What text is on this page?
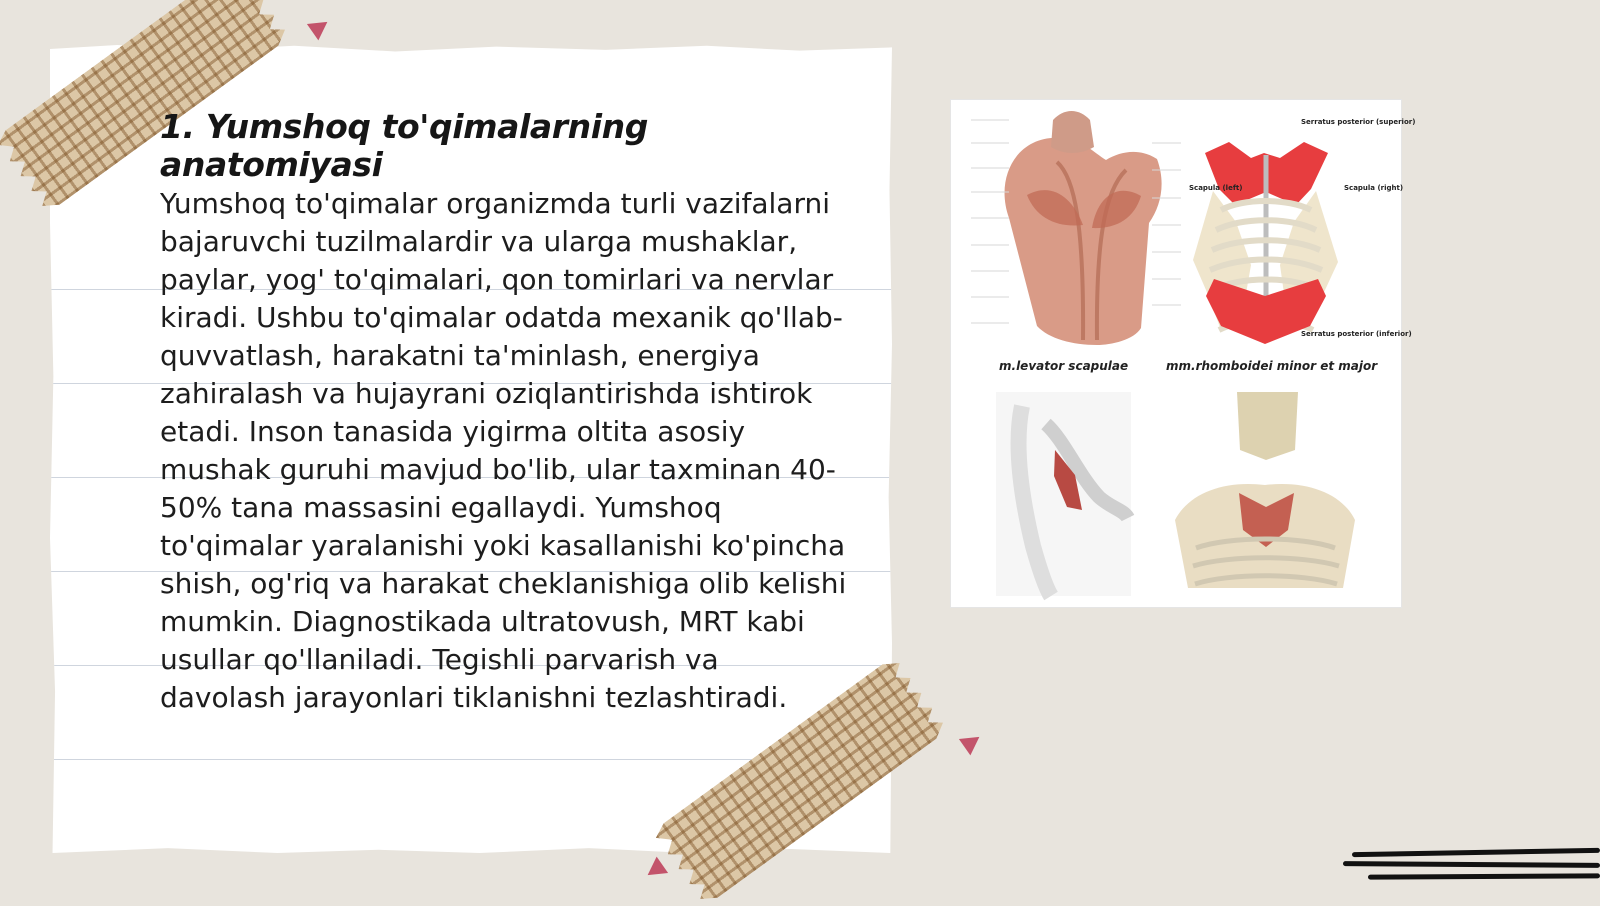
1. Yumshoq to'qimalarning anatomiyasi

Yumshoq to'qimalar organizmda turli vazifalarni bajaruvchi tuzilmalardir va ularga mushaklar, paylar, yog' to'qimalari, qon tomirlari va nervlar kiradi. Ushbu to'qimalar odatda mexanik qo'llab-quvvatlash, harakatni ta'minlash, energiya zahiralash va hujayrani oziqlantirishda ishtirok etadi. Inson tanasida yigirma oltita asosiy mushak guruhi mavjud bo'lib, ular taxminan 40-50% tana massasini egallaydi. Yumshoq to'qimalar yaralanishi yoki kasallanishi ko'pincha shish, og'riq va harakat cheklanishiga olib kelishi mumkin. Diagnostikada ultratovush, MRT kabi usullar qo'llaniladi. Tegishli parvarish va davolash jarayonlari tiklanishni tezlashtiradi.

Serratus posterior (superior)
Serratus posterior (inferior)
Scapula (left)	Scapula (right)
m.levator scapulae	mm.rhomboidei minor et major
